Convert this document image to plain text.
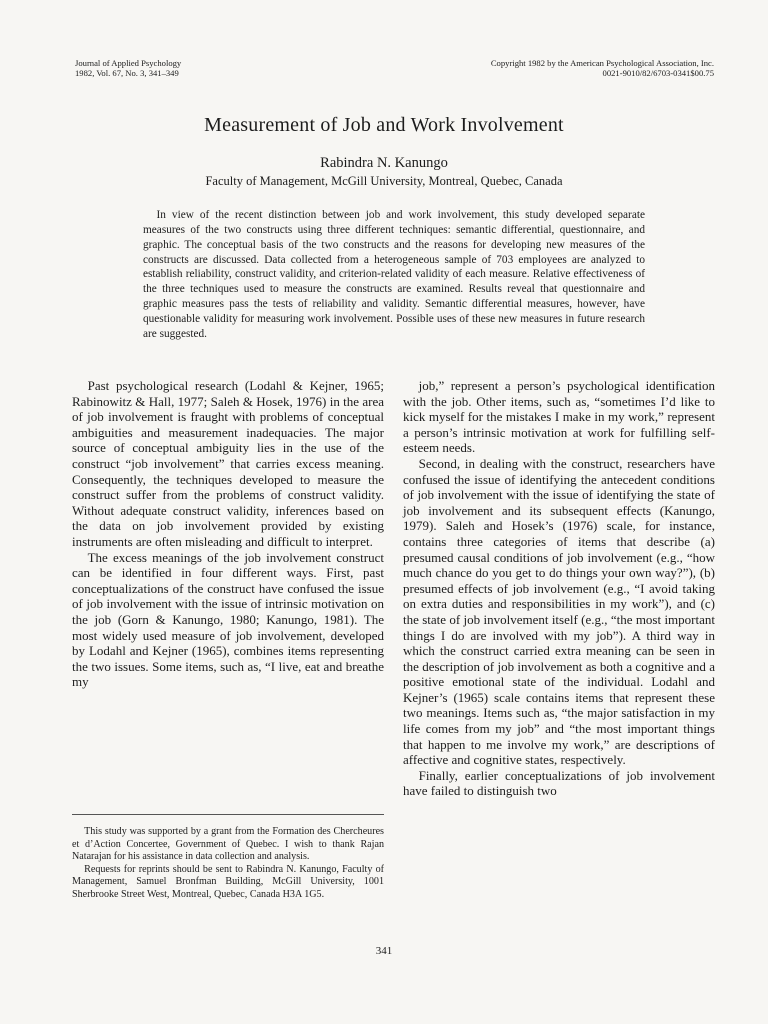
Journal of Applied Psychology
1982, Vol. 67, No. 3, 341–349
Copyright 1982 by the American Psychological Association, Inc.
0021-9010/82/6703-0341$00.75
Measurement of Job and Work Involvement
Rabindra N. Kanungo
Faculty of Management, McGill University, Montreal, Quebec, Canada
In view of the recent distinction between job and work involvement, this study developed separate measures of the two constructs using three different techniques: semantic differential, questionnaire, and graphic. The conceptual basis of the two constructs and the reasons for developing new measures of the constructs are discussed. Data collected from a heterogeneous sample of 703 employees are analyzed to establish reliability, construct validity, and criterion-related validity of each measure. Relative effectiveness of the three techniques used to measure the constructs are examined. Results reveal that questionnaire and graphic measures pass the tests of reliability and validity. Semantic differential measures, however, have questionable validity for measuring work involvement. Possible uses of these new measures in future research are suggested.

Past psychological research (Lodahl & Kejner, 1965; Rabinowitz & Hall, 1977; Saleh & Hosek, 1976) in the area of job involvement is fraught with problems of conceptual ambiguities and measurement inadequacies. The major source of conceptual ambiguity lies in the use of the construct “job involvement” that carries excess meaning. Consequently, the techniques developed to measure the construct suffer from the problems of construct validity. Without adequate construct validity, inferences based on the data on job involvement provided by existing instruments are often misleading and difficult to interpret.

The excess meanings of the job involvement construct can be identified in four different ways. First, past conceptualizations of the construct have confused the issue of job involvement with the issue of intrinsic motivation on the job (Gorn & Kanungo, 1980; Kanungo, 1981). The most widely used measure of job involvement, developed by Lodahl and Kejner (1965), combines items representing the two issues. Some items, such as, “I live, eat and breathe my

job,” represent a person’s psychological identification with the job. Other items, such as, “sometimes I’d like to kick myself for the mistakes I make in my work,” represent a person’s intrinsic motivation at work for fulfilling self-esteem needs.

Second, in dealing with the construct, researchers have confused the issue of identifying the antecedent conditions of job involvement with the issue of identifying the state of job involvement and its subsequent effects (Kanungo, 1979). Saleh and Hosek’s (1976) scale, for instance, contains three categories of items that describe (a) presumed causal conditions of job involvement (e.g., “how much chance do you get to do things your own way?”), (b) presumed effects of job involvement (e.g., “I avoid taking on extra duties and responsibilities in my work”), and (c) the state of job involvement itself (e.g., “the most important things I do are involved with my job”). A third way in which the construct carried extra meaning can be seen in the description of job involvement as both a cognitive and a positive emotional state of the individual. Lodahl and Kejner’s (1965) scale contains items that represent these two meanings. Items such as, “the major satisfaction in my life comes from my job” and “the most important things that happen to me involve my work,” are descriptions of affective and cognitive states, respectively.

Finally, earlier conceptualizations of job involvement have failed to distinguish two

This study was supported by a grant from the Formation des Chercheures et d’Action Concertee, Government of Quebec. I wish to thank Rajan Natarajan for his assistance in data collection and analysis.

Requests for reprints should be sent to Rabindra N. Kanungo, Faculty of Management, Samuel Bronfman Building, McGill University, 1001 Sherbrooke Street West, Montreal, Quebec, Canada H3A 1G5.

341
